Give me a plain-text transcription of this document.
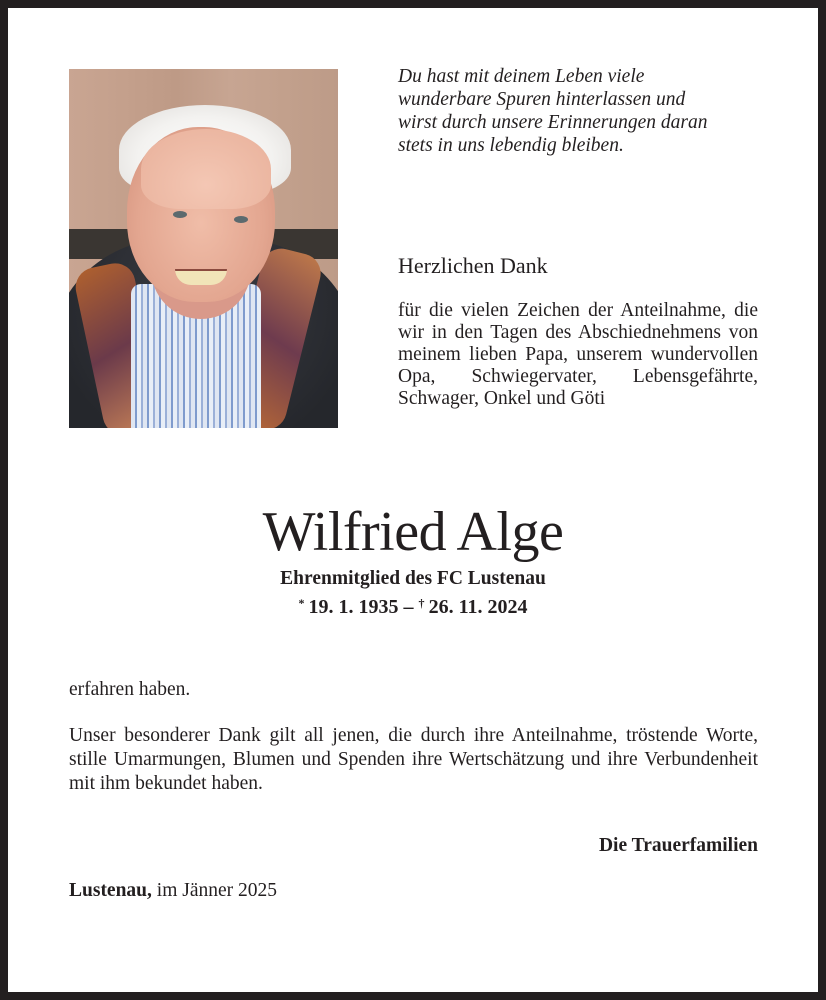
Du hast mit deinem Leben viele
wunderbare Spuren hinterlassen und
wirst durch unsere Erinnerungen daran
stets in uns lebendig bleiben.
Herzlichen Dank

für die vielen Zeichen der Anteilnahme, die wir in den Tagen des Abschiednehmens von meinem lieben Papa, unserem wundervollen Opa, Schwiegervater, Lebensgefährte, Schwager, Onkel und Göti

Wilfried Alge

Ehrenmitglied des FC Lustenau

*  19. 1. 1935 – †  26. 11. 2024

erfahren haben.

Unser besonderer Dank gilt all jenen, die durch ihre Anteilnahme, tröstende Worte, stille Umarmungen, Blumen und Spenden ihre Wertschätzung und ihre Verbundenheit mit ihm bekundet haben.

Die Trauerfamilien

Lustenau, im Jänner 2025
